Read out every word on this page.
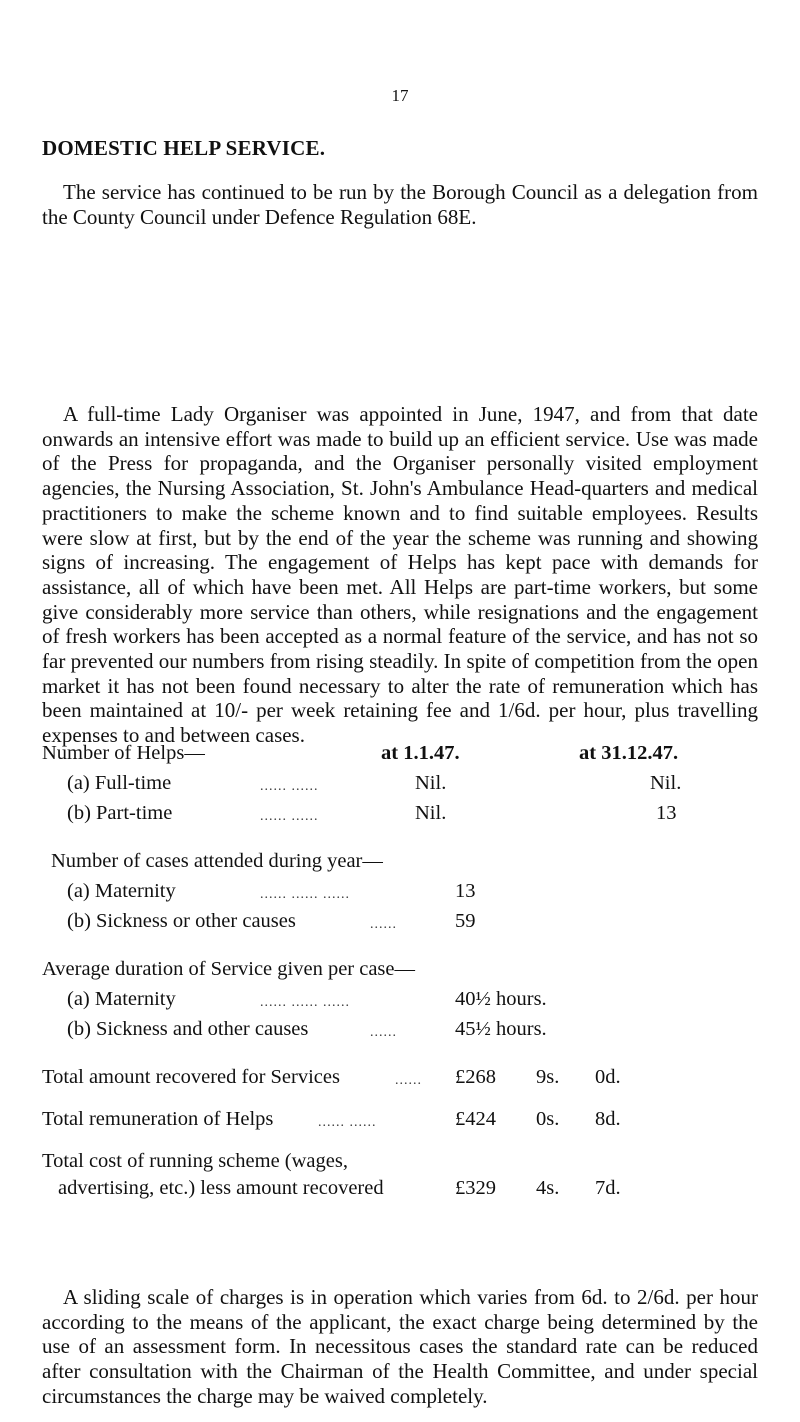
17
DOMESTIC HELP SERVICE.

The service has continued to be run by the Borough Council as a delegation from the County Council under Defence Regulation 68E.

A full-time Lady Organiser was appointed in June, 1947, and from that date onwards an intensive effort was made to build up an efficient service. Use was made of the Press for propaganda, and the Organiser personally visited employment agencies, the Nursing Association, St. John's Ambulance Head-quarters and medical practitioners to make the scheme known and to find suitable employees. Results were slow at first, but by the end of the year the scheme was running and showing signs of increasing. The engagement of Helps has kept pace with demands for assistance, all of which have been met. All Helps are part-time workers, but some give considerably more service than others, while resignations and the engagement of fresh workers has been accepted as a normal feature of the service, and has not so far prevented our numbers from rising steadily. In spite of competition from the open market it has not been found necessary to alter the rate of remuneration which has been maintained at 10/- per week retaining fee and 1/6d. per hour, plus travelling expenses to and between cases.

Number of Helps—	at 1.1.47.	at 31.12.47.
(a) Full-time	...... ......	Nil.	Nil.
(b) Part-time	...... ......	Nil.	13
Number of cases attended during year—
(a) Maternity	...... ...... ......	13
(b) Sickness or other causes	......	59
Average duration of Service given per case—
(a) Maternity	...... ...... ......	40½ hours.
(b) Sickness and other causes	......	45½ hours.
Total amount recovered for Services	...... £268 9s. 0d.
Total remuneration of Helps	...... ......	£424 0s. 8d.
Total cost of running scheme (wages,
advertising, etc.) less amount recovered	£329 4s. 7d.

A sliding scale of charges is in operation which varies from 6d. to 2/6d. per hour according to the means of the applicant, the exact charge being determined by the use of an assessment form. In necessitous cases the standard rate can be reduced after consultation with the Chairman of the Health Committee, and under special circumstances the charge may be waived completely.
